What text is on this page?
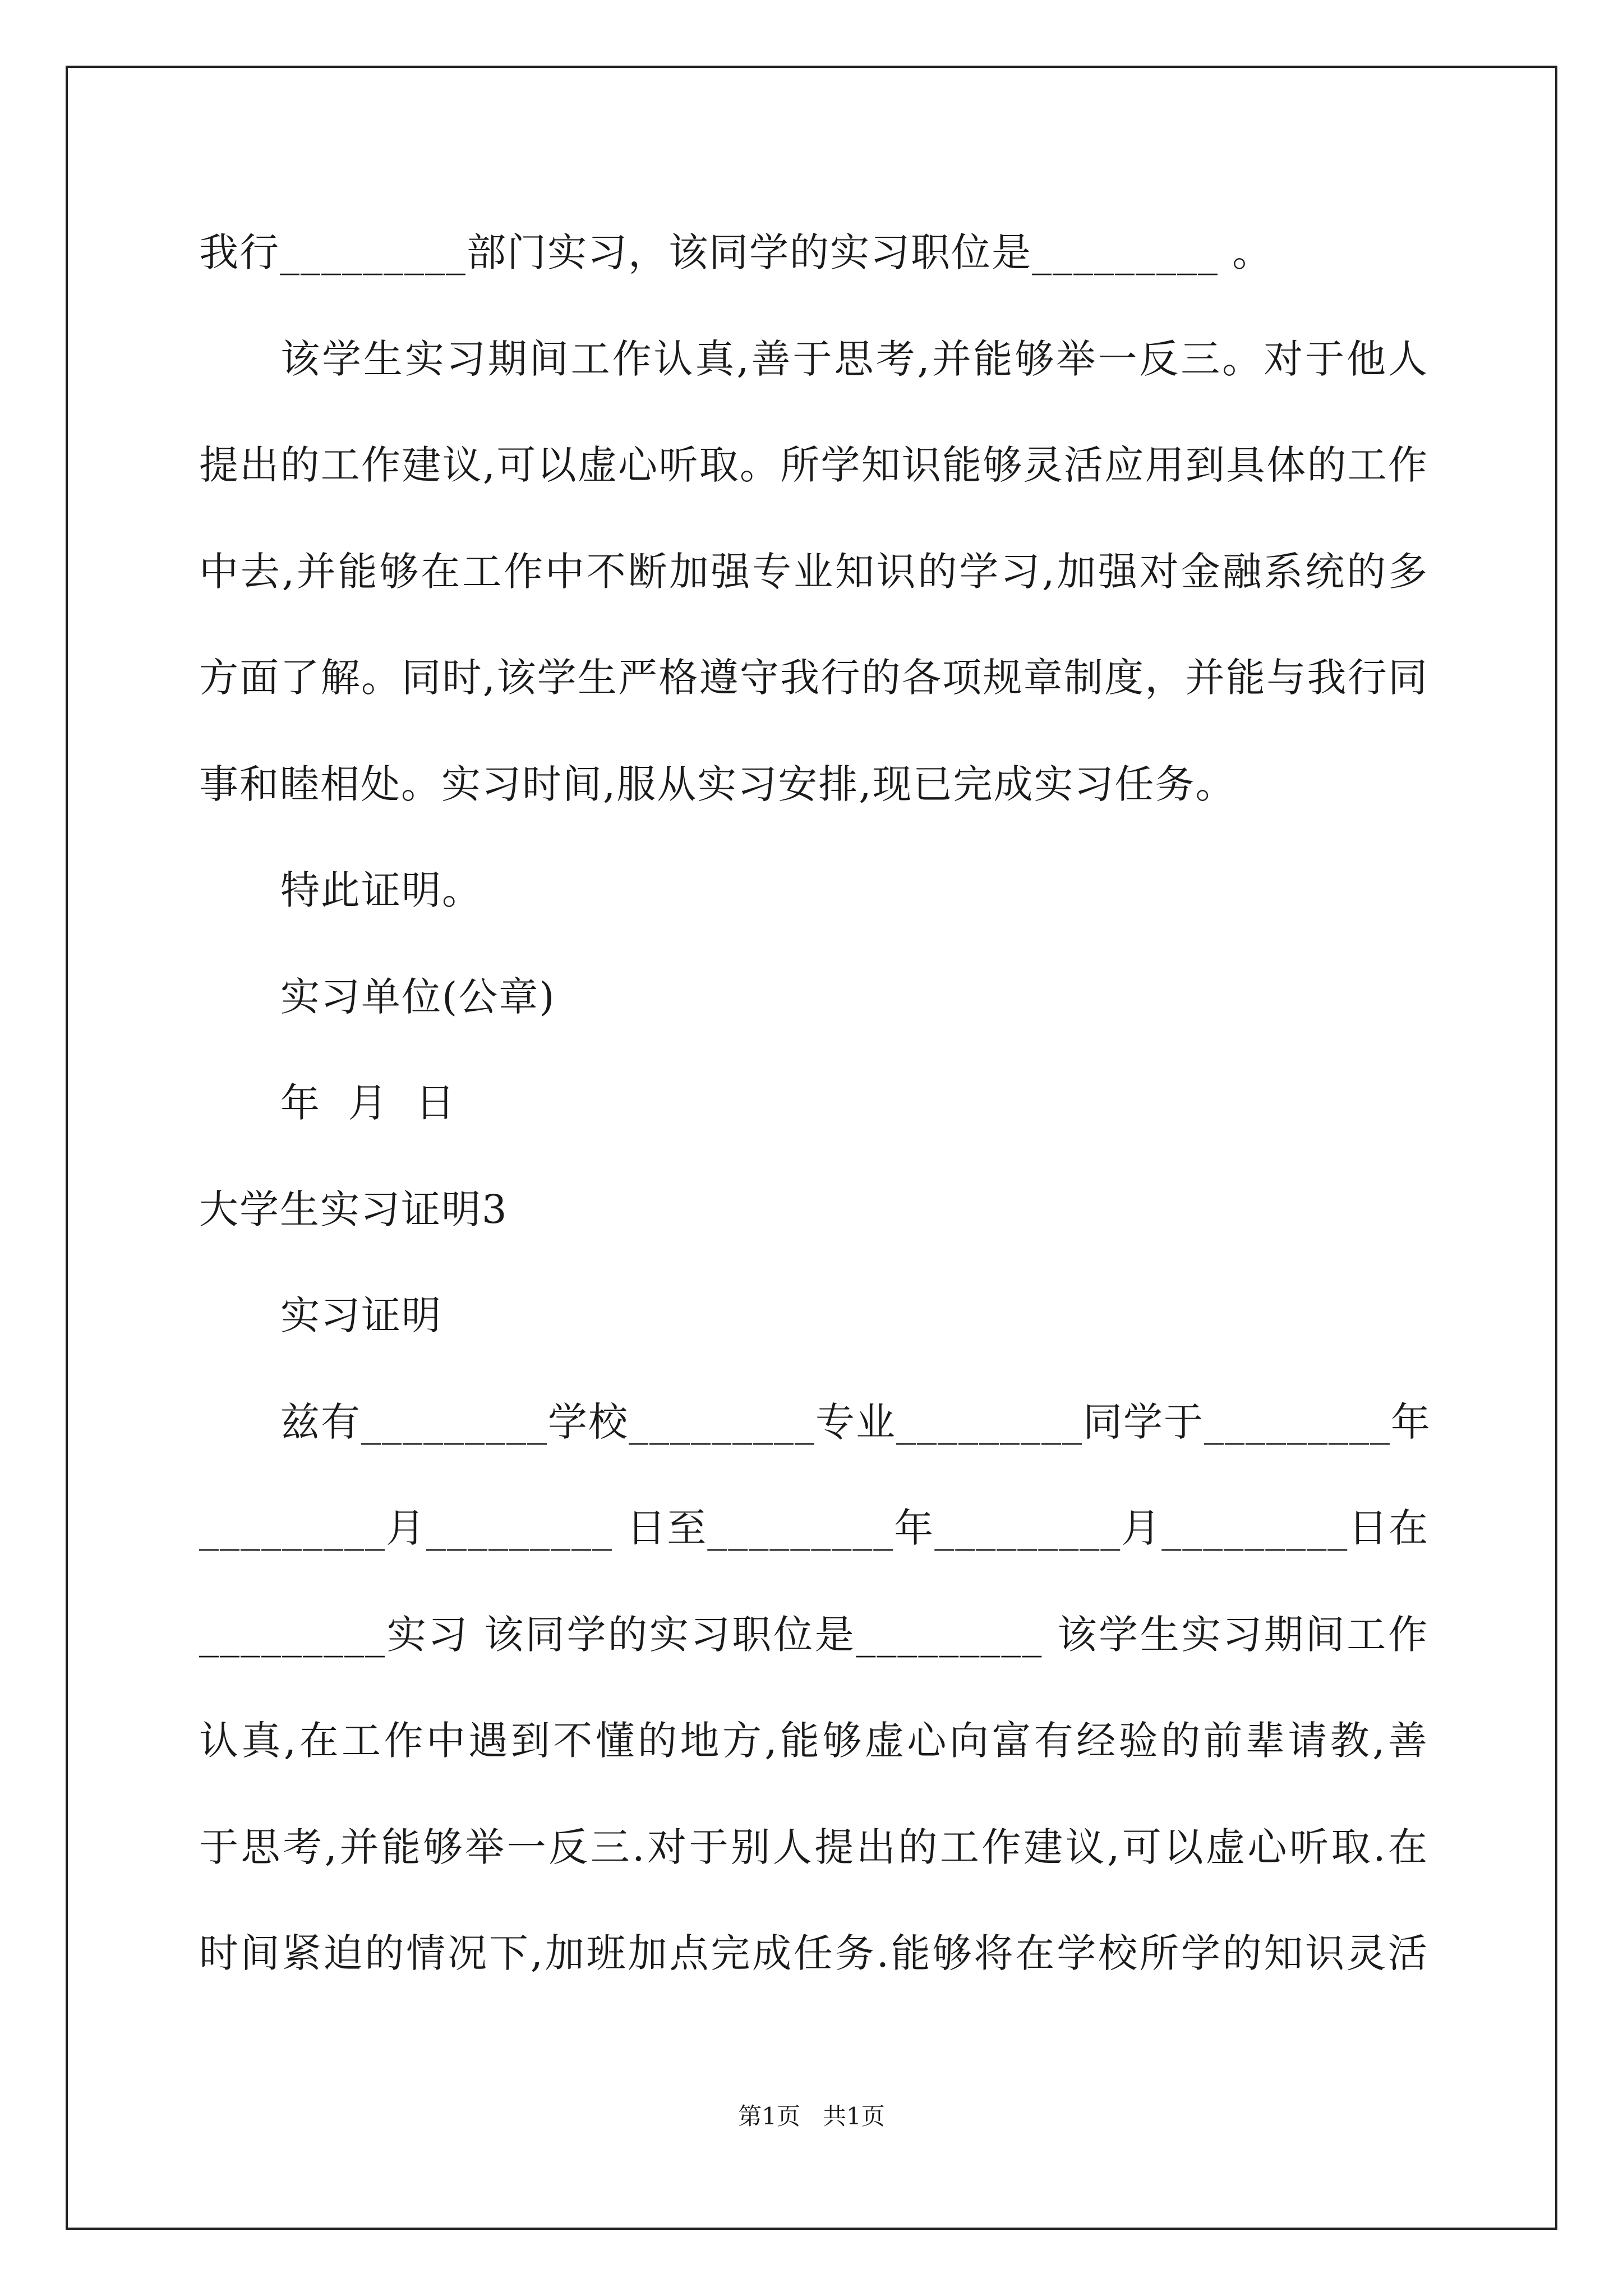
我行_________部门实习，该同学的实习职位是_________ 。
该学生实习期间工作认真,善于思考,并能够举一反三。对于他人
提出的工作建议,可以虚心听取。所学知识能够灵活应用到具体的工作
中去,并能够在工作中不断加强专业知识的学习,加强对金融系统的多
方面了解。同时,该学生严格遵守我行的各项规章制度，并能与我行同
事和睦相处。实习时间,服从实习安排,现已完成实习任务。
特此证明。
实习单位(公章)
年  月  日
大学生实习证明3
实习证明
兹有_________学校_________专业_________同学于_________年
_________月_________ 日至_________年_________月_________日在
_________实习 该同学的实习职位是_________ 该学生实习期间工作
认真,在工作中遇到不懂的地方,能够虚心向富有经验的前辈请教,善
于思考,并能够举一反三.对于别人提出的工作建议,可以虚心听取.在
时间紧迫的情况下,加班加点完成任务.能够将在学校所学的知识灵活
第1页   共1页
